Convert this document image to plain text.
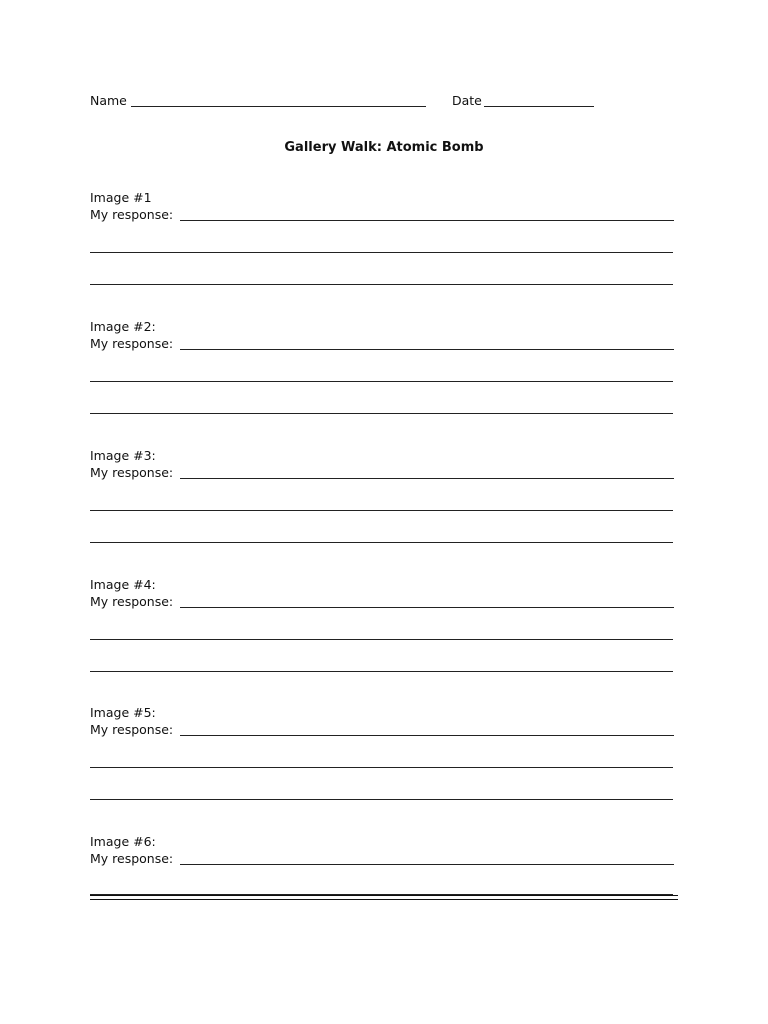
Name	Date
Gallery Walk: Atomic Bomb
Image #1
My response:
Image #2:
My response:
Image #3:
My response:
Image #4:
My response:
Image #5:
My response:
Image #6:
My response:
